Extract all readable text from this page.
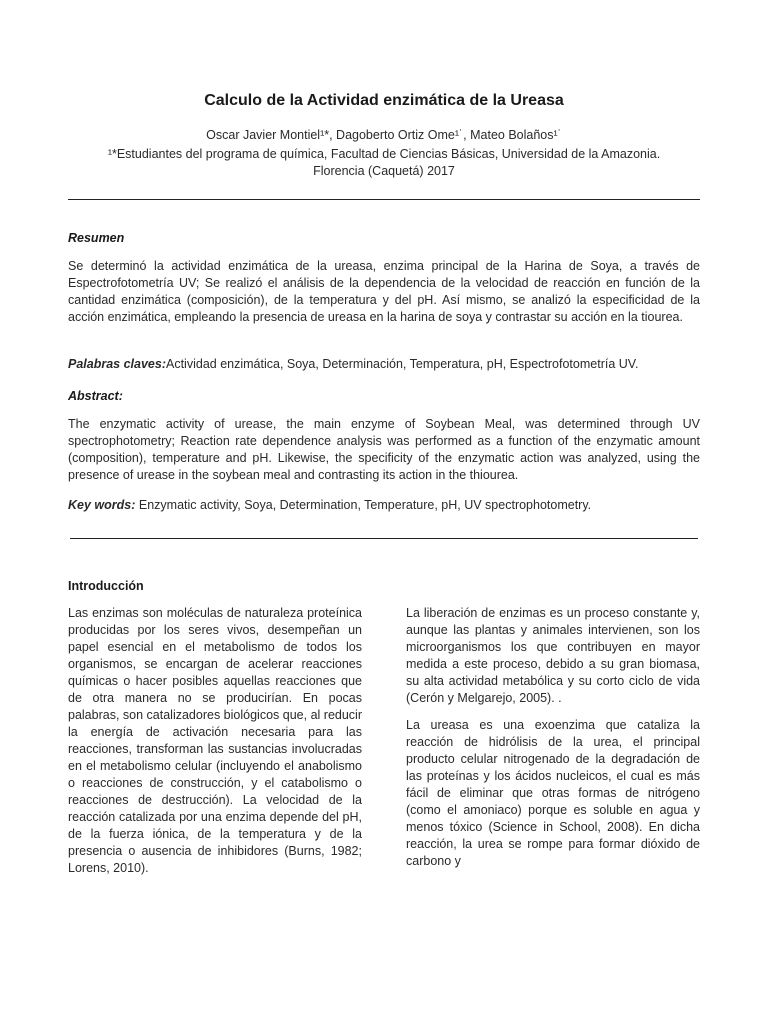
Calculo de la Actividad enzimática de la Ureasa
Oscar Javier Montiel¹*, Dagoberto Ortiz Ome¹˙, Mateo Bolaños¹˙
¹*Estudiantes del programa de química, Facultad de Ciencias Básicas, Universidad de la Amazonia.
Florencia (Caquetá) 2017
Resumen
Se determinó la actividad enzimática de la ureasa, enzima principal de la Harina de Soya, a través de Espectrofotometría UV; Se realizó el análisis de la dependencia de la velocidad de reacción en función de la cantidad enzimática (composición), de la temperatura y del pH. Así mismo, se analizó la especificidad de la acción enzimática, empleando la presencia de ureasa en la harina de soya y contrastar su acción en la tiourea.
Palabras claves:Actividad enzimática, Soya, Determinación, Temperatura, pH, Espectrofotometría UV.
Abstract:
The enzymatic activity of urease, the main enzyme of Soybean Meal, was determined through UV spectrophotometry; Reaction rate dependence analysis was performed as a function of the enzymatic amount (composition), temperature and pH. Likewise, the specificity of the enzymatic action was analyzed, using the presence of urease in the soybean meal and contrasting its action in the thiourea.
Key words: Enzymatic activity, Soya, Determination, Temperature, pH, UV spectrophotometry.
Introducción

Las enzimas son moléculas de naturaleza proteínica producidas por los seres vivos, desempeñan un papel esencial en el metabolismo de todos los organismos, se encargan de acelerar reacciones químicas o hacer posibles aquellas reacciones que de otra manera no se producirían. En pocas palabras, son catalizadores biológicos que, al reducir la energía de activación necesaria para las reacciones, transforman las sustancias involucradas en el metabolismo celular (incluyendo el anabolismo o reacciones de construcción, y el catabolismo o reacciones de destrucción). La velocidad de la reacción catalizada por una enzima depende del pH, de la fuerza iónica, de la temperatura y de la presencia o ausencia de inhibidores (Burns, 1982; Lorens, 2010).

La liberación de enzimas es un proceso constante y, aunque las plantas y animales intervienen, son los microorganismos los que contribuyen en mayor medida a este proceso, debido a su gran biomasa, su alta actividad metabólica y su corto ciclo de vida (Cerón y Melgarejo, 2005). .

La ureasa es una exoenzima que cataliza la reacción de hidrólisis de la urea, el principal producto celular nitrogenado de la degradación de las proteínas y los ácidos nucleicos, el cual es más fácil de eliminar que otras formas de nitrógeno (como el amoniaco) porque es soluble en agua y menos tóxico (Science in School, 2008). En dicha reacción, la urea se rompe para formar dióxido de carbono y
